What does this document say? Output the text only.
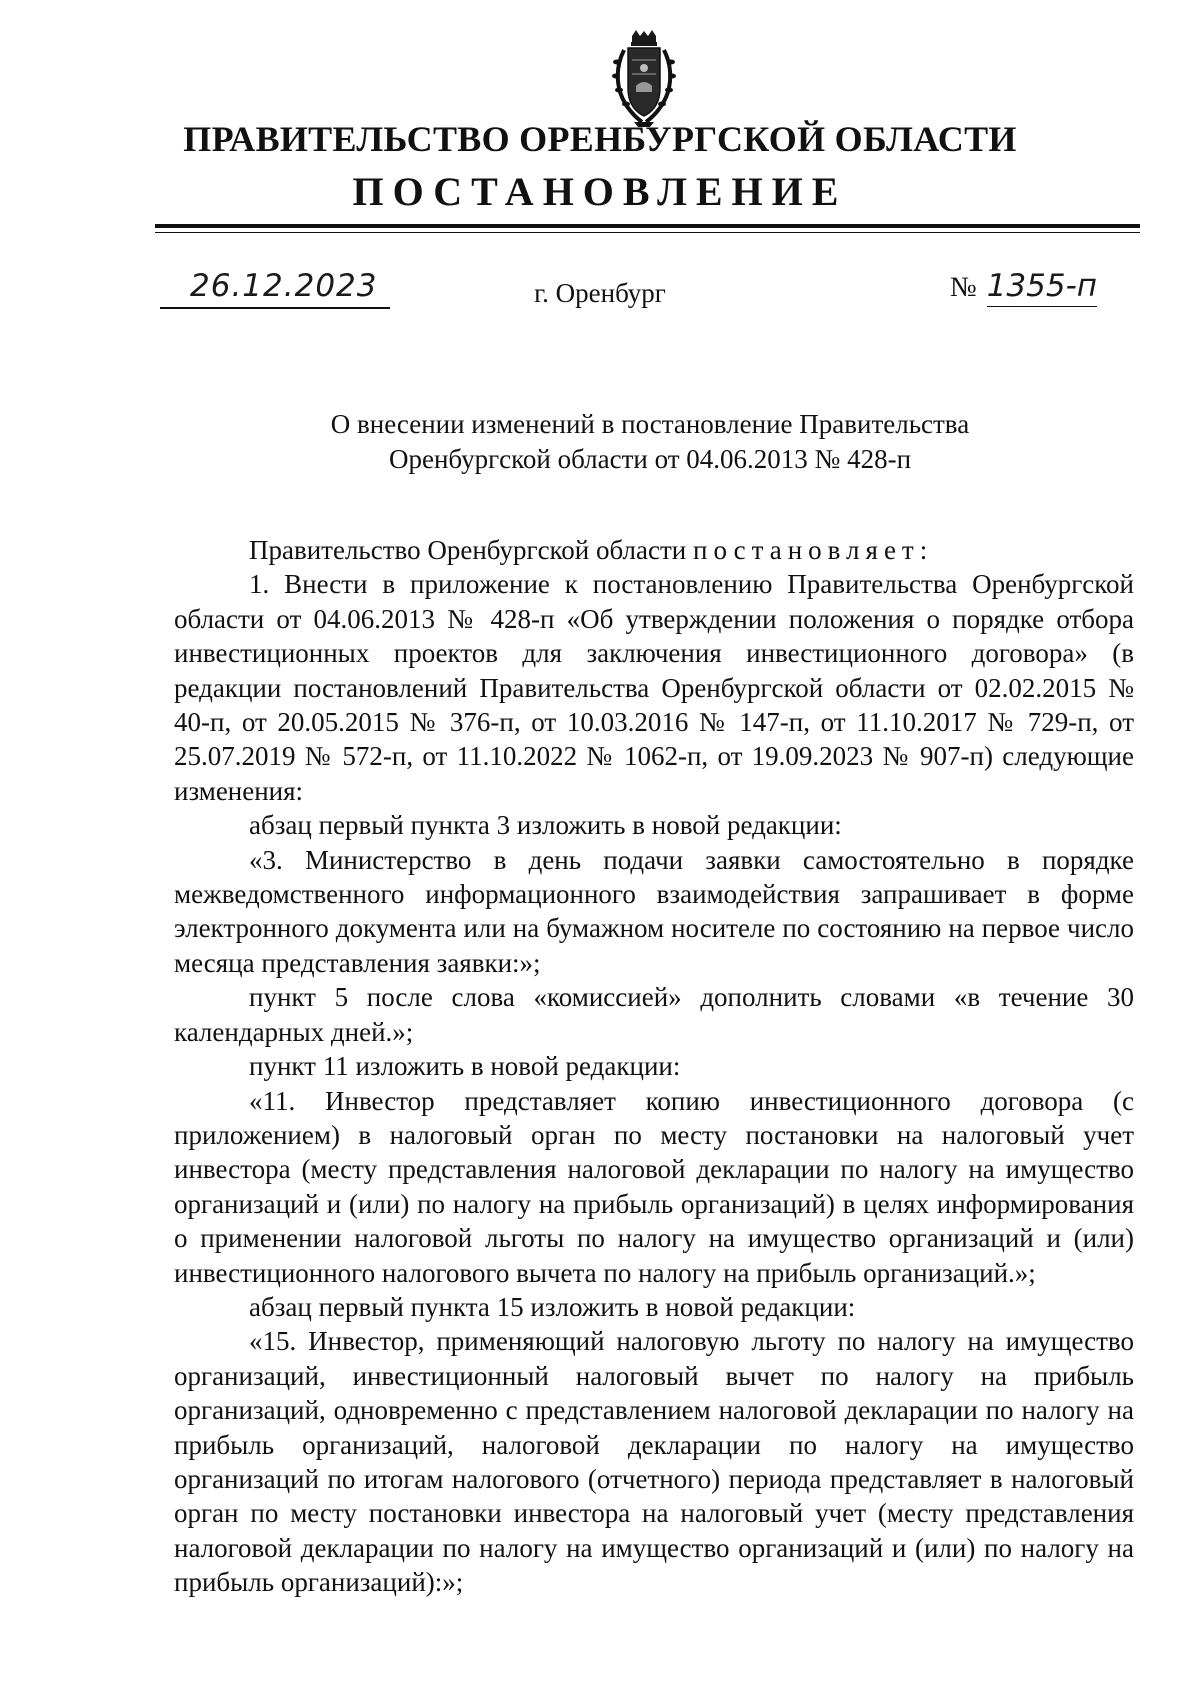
ПРАВИТЕЛЬСТВО ОРЕНБУРГСКОЙ ОБЛАСТИ
ПОСТАНОВЛЕНИЕ
26.12.2023	г. Оренбург	№ 1355-п
О внесении изменений в постановление Правительства
Оренбургской области от 04.06.2013 № 428-п

Правительство Оренбургской области постановляет:

1. Внести в приложение к постановлению Правительства Оренбургской области от 04.06.2013 № 428-п «Об утверждении положения о порядке отбора инвестиционных проектов для заключения инвестиционного договора» (в редакции постановлений Правительства Оренбургской области от 02.02.2015 № 40-п, от 20.05.2015 № 376-п, от 10.03.2016 № 147-п, от 11.10.2017 № 729-п, от 25.07.2019 № 572-п, от 11.10.2022 № 1062-п, от 19.09.2023 № 907-п) следующие изменения:

абзац первый пункта 3 изложить в новой редакции:

«3. Министерство в день подачи заявки самостоятельно в порядке межведомственного информационного взаимодействия запрашивает в форме электронного документа или на бумажном носителе по состоянию на первое число месяца представления заявки:»;

пункт 5 после слова «комиссией» дополнить словами «в течение 30 календарных дней.»;

пункт 11 изложить в новой редакции:

«11. Инвестор представляет копию инвестиционного договора (с приложением) в налоговый орган по месту постановки на налоговый учет инвестора (месту представления налоговой декларации по налогу на имущество организаций и (или) по налогу на прибыль организаций) в целях информирования о применении налоговой льготы по налогу на имущество организаций и (или) инвестиционного налогового вычета по налогу на прибыль организаций.»;

абзац первый пункта 15 изложить в новой редакции:

«15. Инвестор, применяющий налоговую льготу по налогу на имущество организаций, инвестиционный налоговый вычет по налогу на прибыль организаций, одновременно с представлением налоговой декларации по налогу на прибыль организаций, налоговой декларации по налогу на имущество организаций по итогам налогового (отчетного) периода представляет в налоговый орган по месту постановки инвестора на налоговый учет (месту представления налоговой декларации по налогу на имущество организаций и (или) по налогу на прибыль организаций):»;
